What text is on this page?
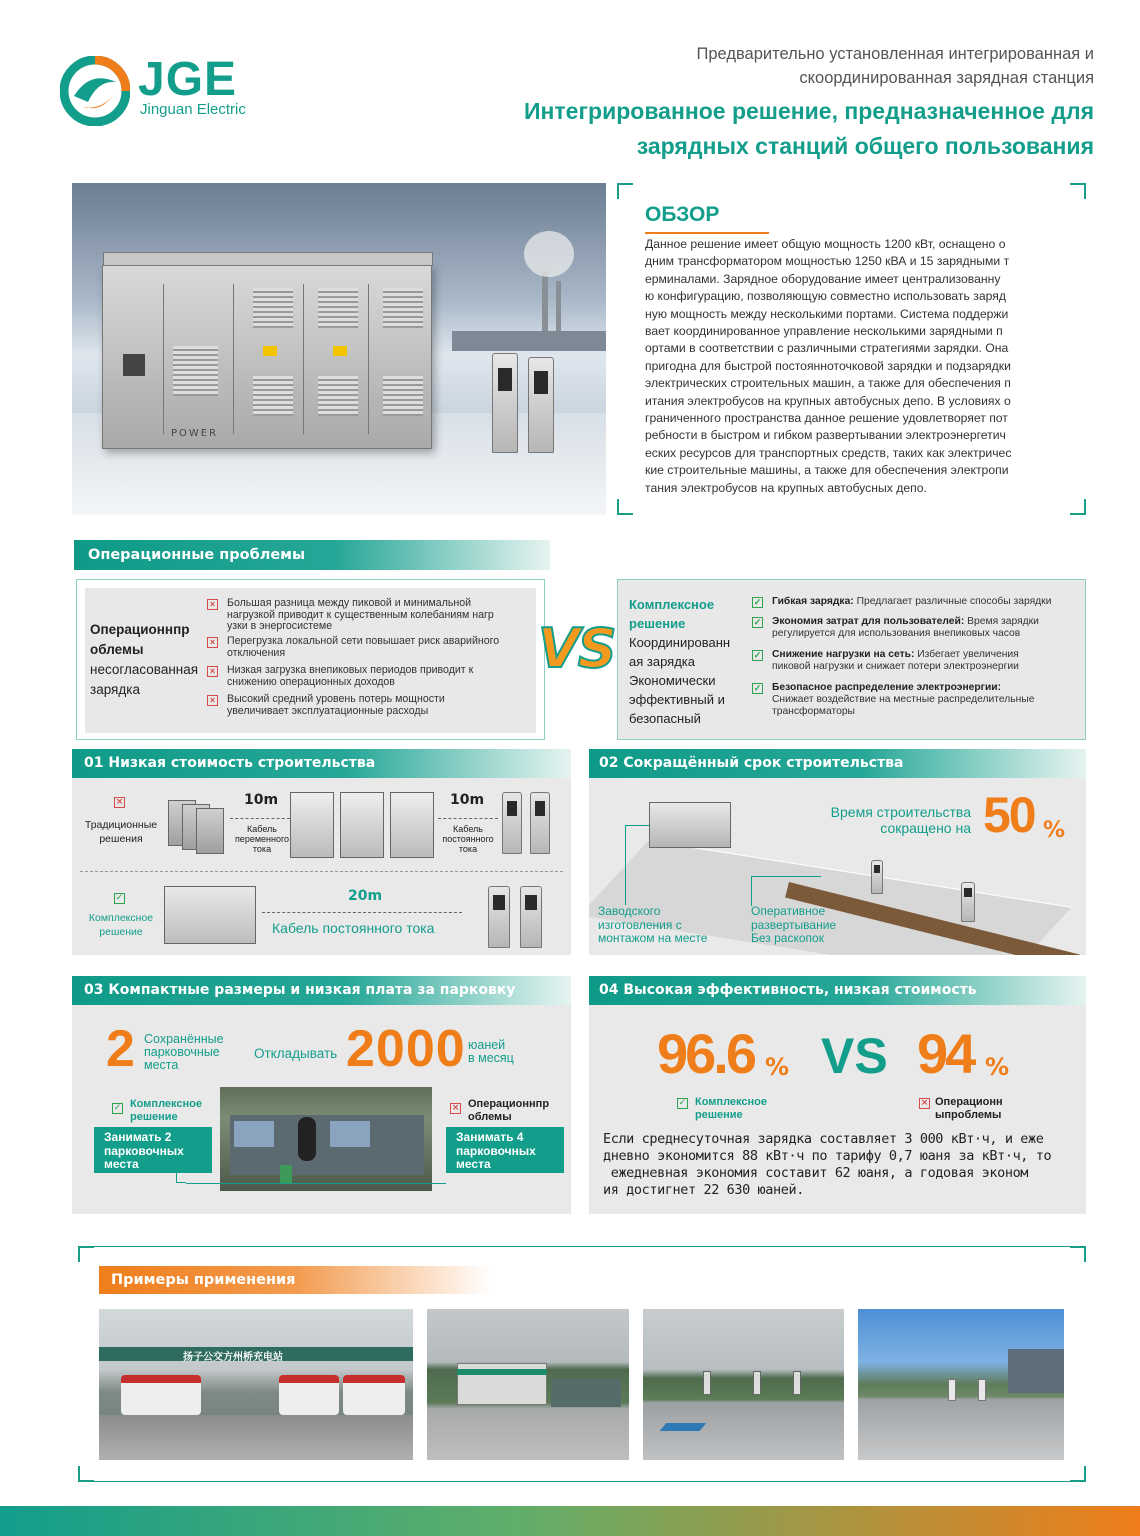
JGE
Jinguan Electric
Предварительно установленная интегрированная и
скоординированная зарядная станция
Интегрированное решение, предназначенное для
зарядных станций общего пользования
POWER
ОБЗОР
Данное решение имеет общую мощность 1200 кВт, оснащено о
дним трансформатором мощностью 1250 кВА и 15 зарядными т
ерминалами. Зарядное оборудование имеет централизованну
ю конфигурацию, позволяющую совместно использовать заряд
ную мощность между несколькими портами. Система поддержи
вает координированное управление несколькими зарядными п
ортами в соответствии с различными стратегиями зарядки. Она
пригодна для быстрой постоянноточковой зарядки и подзарядки
электрических строительных машин, а также для обеспечения п
итания электробусов на крупных автобусных депо. В условиях о
граниченного пространства данное решение удовлетворяет пот
ребности в быстром и гибком развертывании электроэнергетич
еских ресурсов для транспортных средств, таких как электричес
кие строительные машины, а также для обеспечения электропи
тания электробусов на крупных автобусных депо.
Операционные проблемы
Операционнпр
облемы
несогласованная
зарядка
× Большая разница между пиковой и минимальной
нагрузкой приводит к существенным колебаниям нагр
узки в энергосистеме
× Перегрузка локальной сети повышает риск аварийного
отключения
× Низкая загрузка внепиковых периодов приводит к
снижению операционных доходов
× Высокий средний уровень потерь мощности
увеличивает эксплуатационные расходы
VS
Комплексное
решение
Координированн
ая зарядка
Экономически
эффективный и
безопасный
✓ Гибкая зарядка: Предлагает различные способы зарядки
✓ Экономия затрат для пользователей: Время зарядки
регулируется для использования внепиковых часов
✓ Снижение нагрузки на сеть: Избегает увеличения
пиковой нагрузки и снижает потери электроэнергии
✓ Безопасное распределение электроэнергии:
Снижает воздействие на местные распределительные
трансформаторы
01 Низкая стоимость строительства
×
Традиционные
решения
10m
Кабель
переменного
тока
10m
Кабель
постоянного
тока
✓
Комплексное
решение
20m
Кабель постоянного тока
02 Сокращённый срок строительства
Время строительства
сокращено на 50 %
Заводского
изготовления с
монтажом на месте
Оперативное
развертывание
Без раскопок
03 Компактные размеры и низкая плата за парковку
2 Сохранённые
парковочные
места
Откладывать 2000 юаней
в месяц
✓ Комплексное
решение
Занимать 2
парковочных
места
× Операционнпр
облемы
Занимать 4
парковочных
места
04 Высокая эффективность, низкая стоимость
96.6 % VS 94 %
✓ Комплексное
решение
× Операционн
ыпроблемы
Если среднесуточная зарядка составляет 3 000 кВт·ч, и еже
дневно экономится 88 кВт·ч по тарифу 0,7 юаня за кВт·ч, то
ежедневная экономия составит 62 юаня, а годовая эконом
ия достигнет 22 630 юаней.
Примеры применения
扬子公交方州桥充电站
